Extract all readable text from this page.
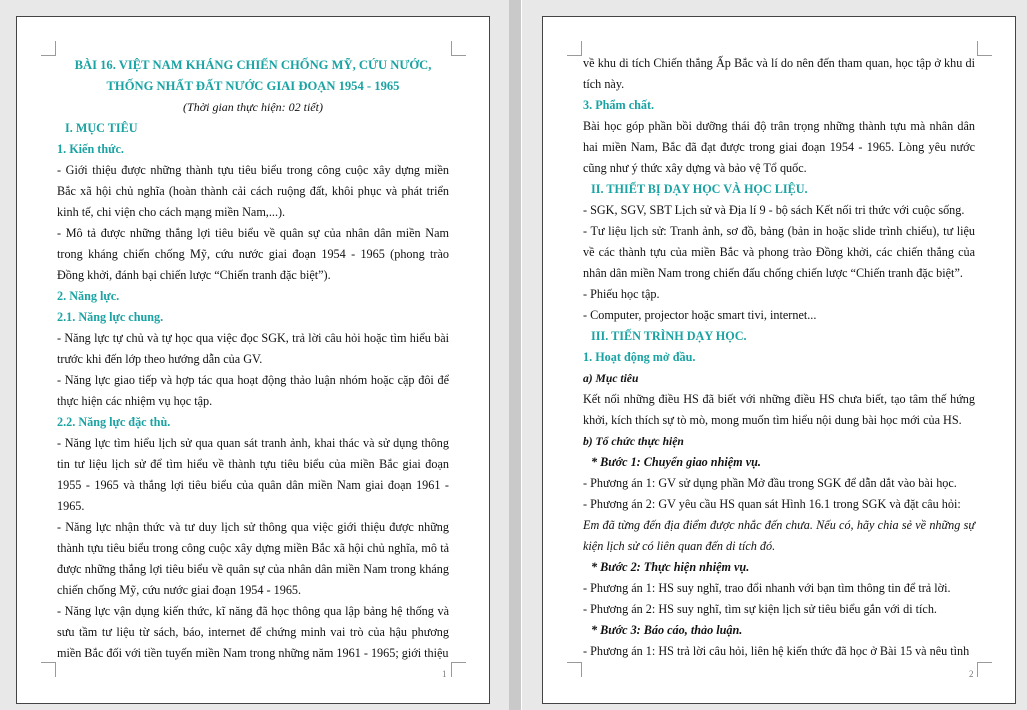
BÀI 16. VIỆT NAM KHÁNG CHIẾN CHỐNG MỸ, CỨU NƯỚC,
THỐNG NHẤT ĐẤT NƯỚC GIAI ĐOẠN 1954 - 1965
(Thời gian thực hiện: 02 tiết)
I. MỤC TIÊU
1. Kiến thức.
- Giới thiệu được những thành tựu tiêu biểu trong công cuộc xây dựng miền Bắc xã hội chủ nghĩa (hoàn thành cải cách ruộng đất, khôi phục và phát triển kinh tế, chi viện cho cách mạng miền Nam,...).
- Mô tả được những thắng lợi tiêu biểu về quân sự của nhân dân miền Nam trong kháng chiến chống Mỹ, cứu nước giai đoạn 1954 - 1965 (phong trào Đồng khởi, đánh bại chiến lược “Chiến tranh đặc biệt”).
2. Năng lực.
2.1. Năng lực chung.
- Năng lực tự chủ và tự học qua việc đọc SGK, trả lời câu hỏi hoặc tìm hiểu bài trước khi đến lớp theo hướng dẫn của GV.
- Năng lực giao tiếp và hợp tác qua hoạt động thảo luận nhóm hoặc cặp đôi để thực hiện các nhiệm vụ học tập.
2.2. Năng lực đặc thù.
- Năng lực tìm hiểu lịch sử qua quan sát tranh ảnh, khai thác và sử dụng thông tin tư liệu lịch sử để tìm hiểu về thành tựu tiêu biểu của miền Bắc giai đoạn 1955 - 1965 và thắng lợi tiêu biểu của quân dân miền Nam giai đoạn 1961 - 1965.
- Năng lực nhận thức và tư duy lịch sử thông qua việc giới thiệu được những thành tựu tiêu biểu trong công cuộc xây dựng miền Bắc xã hội chủ nghĩa, mô tả được những thắng lợi tiêu biểu về quân sự của nhân dân miền Nam trong kháng chiến chống Mỹ, cứu nước giai đoạn 1954 - 1965.
- Năng lực vận dụng kiến thức, kĩ năng đã học thông qua lập bảng hệ thống và sưu tầm tư liệu từ sách, báo, internet để chứng minh vai trò của hậu phương miền Bắc đối với tiền tuyến miền Nam trong những năm 1961 - 1965; giới thiệu
1
về khu di tích Chiến thắng Ấp Bắc và lí do nên đến tham quan, học tập ở khu di tích này.
3. Phẩm chất.
Bài học góp phần bồi dưỡng thái độ trân trọng những thành tựu mà nhân dân hai miền Nam, Bắc đã đạt được trong giai đoạn 1954 - 1965. Lòng yêu nước cũng như ý thức xây dựng và bảo vệ Tổ quốc.
II. THIẾT BỊ DẠY HỌC VÀ HỌC LIỆU.
- SGK, SGV, SBT Lịch sử và Địa lí 9 - bộ sách Kết nối tri thức với cuộc sống.
- Tư liệu lịch sử: Tranh ảnh, sơ đồ, bảng (bản in hoặc slide trình chiếu), tư liệu về các thành tựu của miền Bắc và phong trào Đồng khởi, các chiến thắng của nhân dân miền Nam trong chiến đấu chống chiến lược “Chiến tranh đặc biệt”.
- Phiếu học tập.
- Computer, projector hoặc smart tivi, internet...
III. TIẾN TRÌNH DẠY HỌC.
1. Hoạt động mở đầu.
a) Mục tiêu
Kết nối những điều HS đã biết với những điều HS chưa biết, tạo tâm thế hứng khởi, kích thích sự tò mò, mong muốn tìm hiểu nội dung bài học mới của HS.
b) Tổ chức thực hiện
* Bước 1: Chuyển giao nhiệm vụ.
- Phương án 1: GV sử dụng phần Mở đầu trong SGK để dẫn dắt vào bài học.
- Phương án 2: GV yêu cầu HS quan sát Hình 16.1 trong SGK và đặt câu hỏi:
Em đã từng đến địa điểm được nhắc đến chưa. Nếu có, hãy chia sẻ về những sự kiện lịch sử có liên quan đến di tích đó.
* Bước 2: Thực hiện nhiệm vụ.
- Phương án 1: HS suy nghĩ, trao đổi nhanh với bạn tìm thông tin để trả lời.
- Phương án 2: HS suy nghĩ, tìm sự kiện lịch sử tiêu biểu gắn với di tích.
* Bước 3: Báo cáo, thảo luận.
- Phương án 1: HS trả lời câu hỏi, liên hệ kiến thức đã học ở Bài 15 và nêu tình
2
